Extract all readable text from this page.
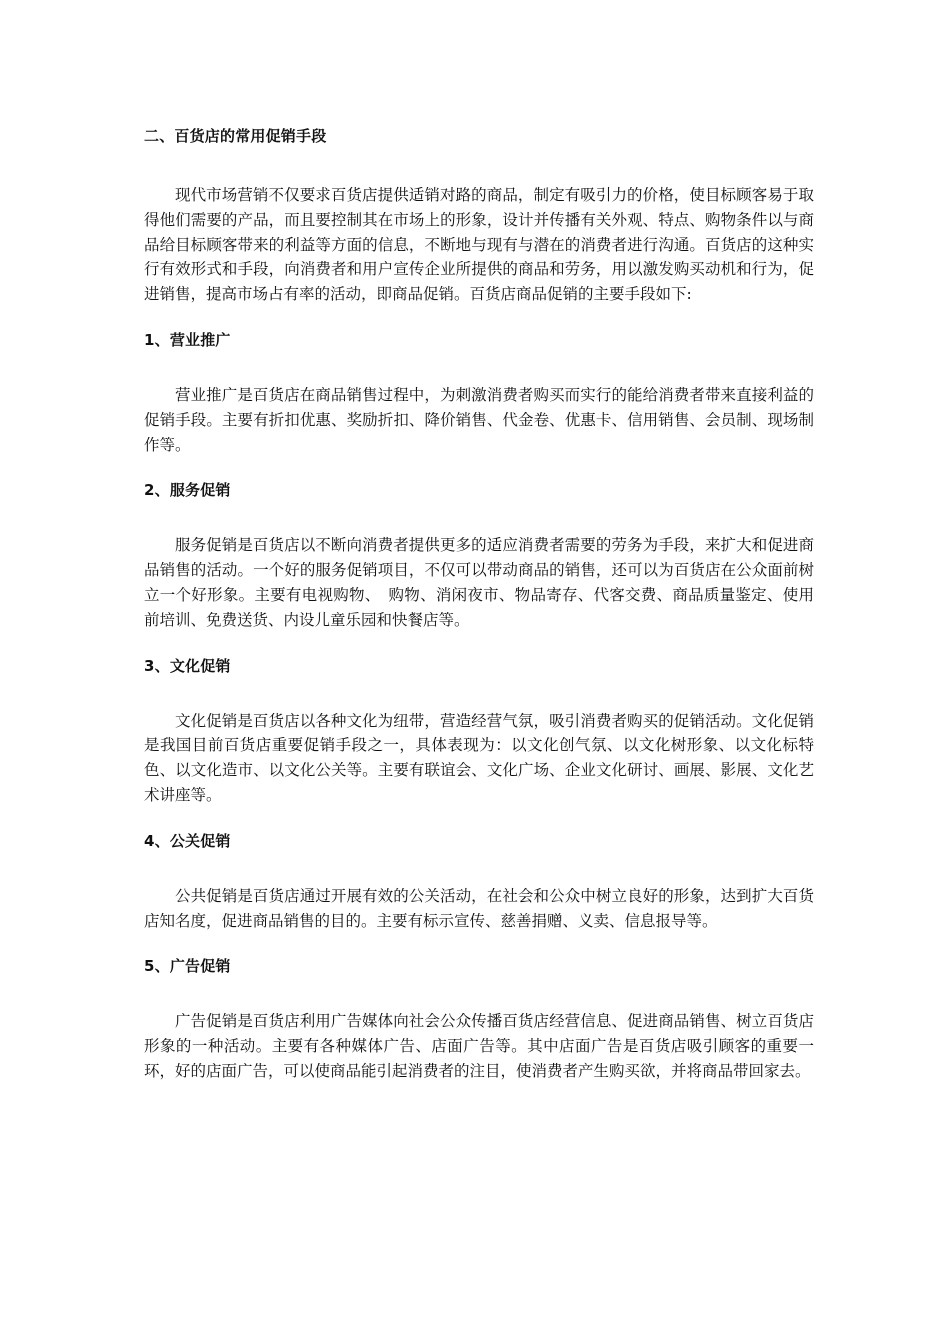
二、百货店的常用促销手段

现代市场营销不仅要求百货店提供适销对路的商品，制定有吸引力的价格，使目标顾客易于取得他们需要的产品，而且要控制其在市场上的形象，设计并传播有关外观、特点、购物条件以与商品给目标顾客带来的利益等方面的信息，不断地与现有与潜在的消费者进行沟通。百货店的这种实行有效形式和手段，向消费者和用户宣传企业所提供的商品和劳务，用以激发购买动机和行为，促进销售，提高市场占有率的活动，即商品促销。百货店商品促销的主要手段如下:

1、营业推广

营业推广是百货店在商品销售过程中，为刺激消费者购买而实行的能给消费者带来直接利益的促销手段。主要有折扣优惠、奖励折扣、降价销售、代金卷、优惠卡、信用销售、会员制、现场制作等。

2、服务促销

服务促销是百货店以不断向消费者提供更多的适应消费者需要的劳务为手段，来扩大和促进商品销售的活动。一个好的服务促销项目，不仅可以带动商品的销售，还可以为百货店在公众面前树立一个好形象。主要有电视购物、　购物、消闲夜市、物品寄存、代客交费、商品质量鉴定、使用前培训、免费送货、内设儿童乐园和快餐店等。

3、文化促销

文化促销是百货店以各种文化为纽带，营造经营气氛，吸引消费者购买的促销活动。文化促销是我国目前百货店重要促销手段之一，具体表现为：以文化创气氛、以文化树形象、以文化标特色、以文化造市、以文化公关等。主要有联谊会、文化广场、企业文化研讨、画展、影展、文化艺术讲座等。

4、公关促销

公共促销是百货店通过开展有效的公关活动，在社会和公众中树立良好的形象，达到扩大百货店知名度，促进商品销售的目的。主要有标示宣传、慈善捐赠、义卖、信息报导等。

5、广告促销

广告促销是百货店利用广告媒体向社会公众传播百货店经营信息、促进商品销售、树立百货店形象的一种活动。主要有各种媒体广告、店面广告等。其中店面广告是百货店吸引顾客的重要一环，好的店面广告，可以使商品能引起消费者的注目，使消费者产生购买欲，并将商品带回家去。
